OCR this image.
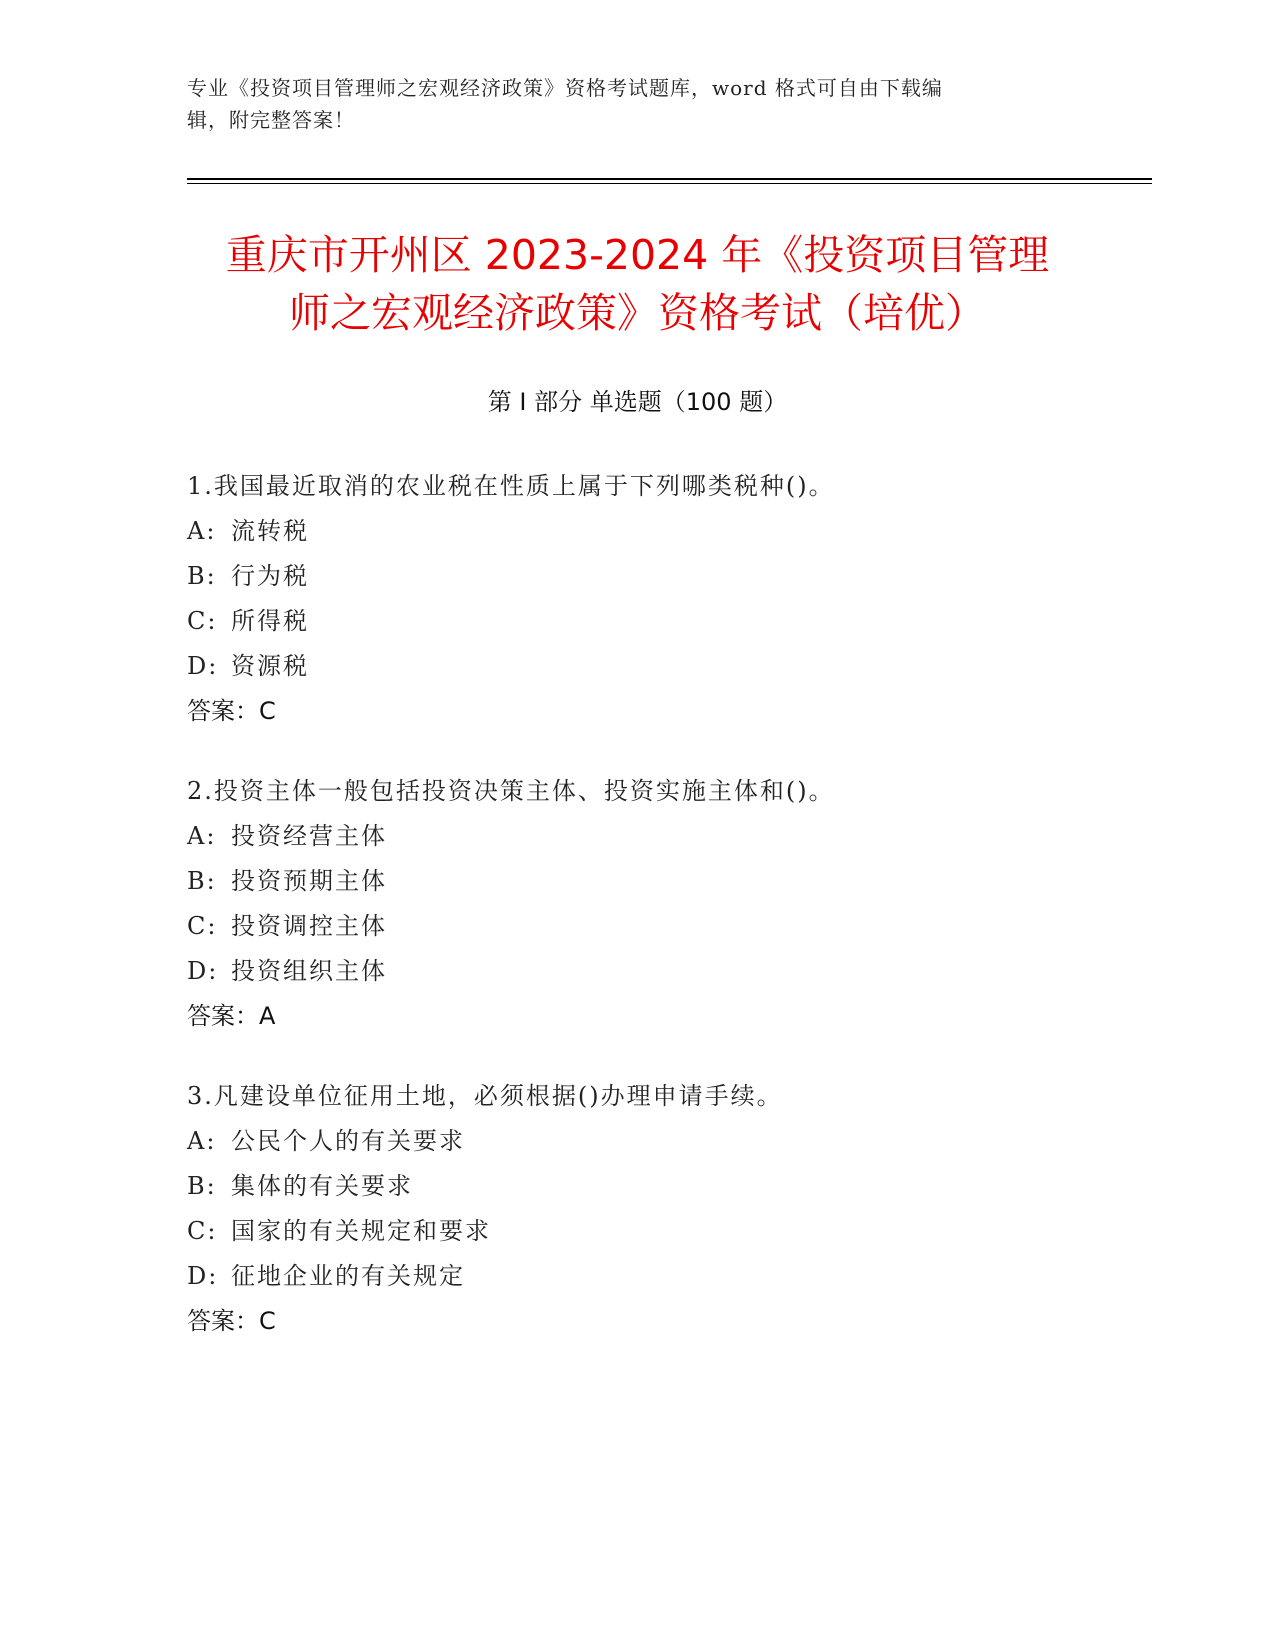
专业《投资项目管理师之宏观经济政策》资格考试题库，word 格式可自由下载编
辑，附完整答案！
重庆市开州区 2023-2024 年《投资项目管理
师之宏观经济政策》资格考试（培优）
第 I 部分 单选题（100 题）
1.我国最近取消的农业税在性质上属于下列哪类税种()。
A: 流转税
B: 行为税
C: 所得税
D: 资源税
答案：C
2.投资主体一般包括投资决策主体、投资实施主体和()。
A: 投资经营主体
B: 投资预期主体
C: 投资调控主体
D: 投资组织主体
答案：A
3.凡建设单位征用土地，必须根据()办理申请手续。
A: 公民个人的有关要求
B: 集体的有关要求
C: 国家的有关规定和要求
D: 征地企业的有关规定
答案：C
